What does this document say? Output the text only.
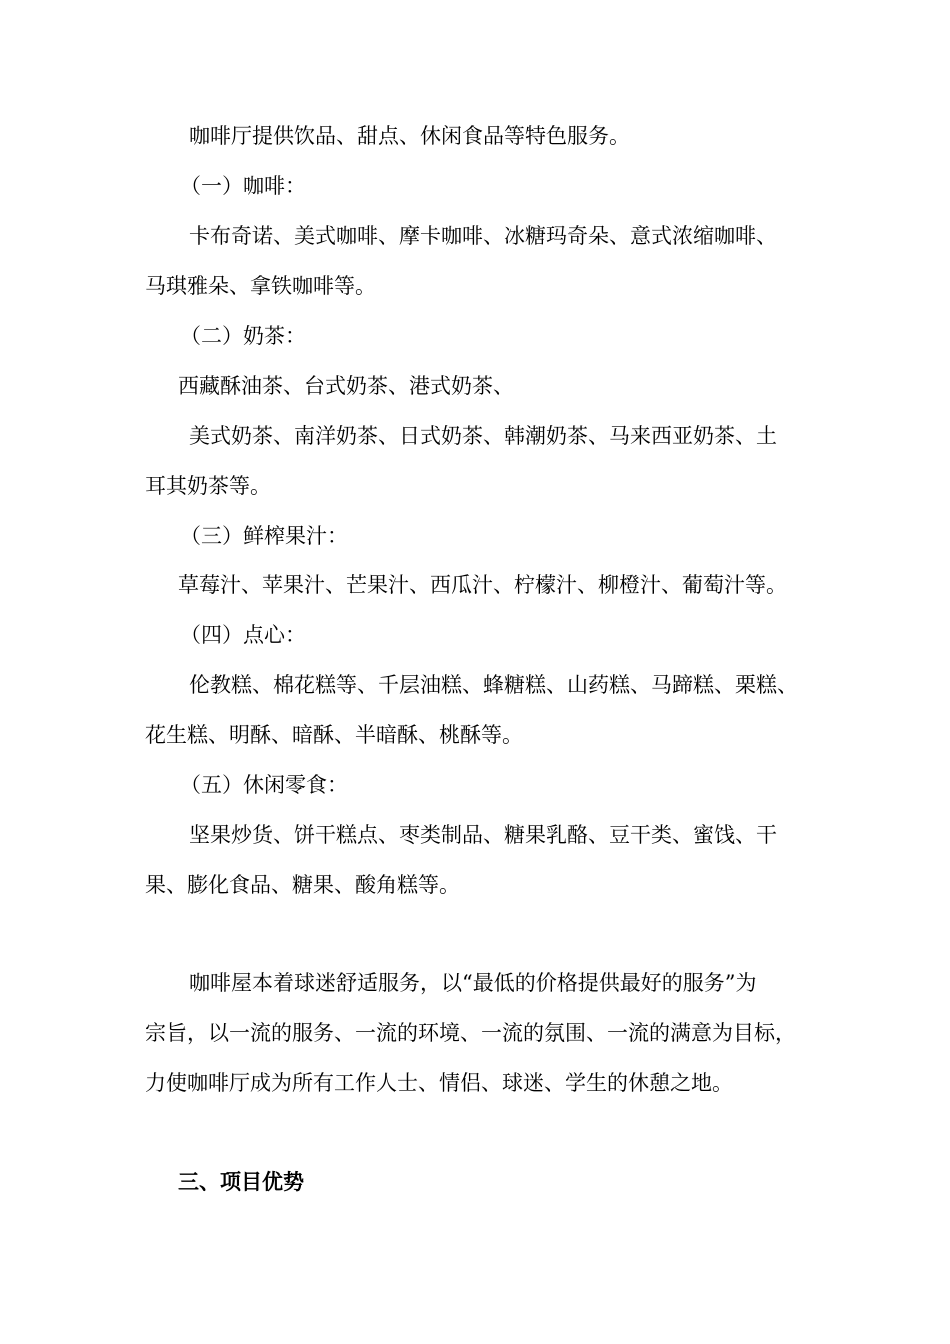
咖啡厅提供饮品、甜点、休闲食品等特色服务。
（一）咖啡：
卡布奇诺、美式咖啡、摩卡咖啡、冰糖玛奇朵、意式浓缩咖啡、
马琪雅朵、拿铁咖啡等。
（二）奶茶：
西藏酥油茶、台式奶茶、港式奶茶、
美式奶茶、南洋奶茶、日式奶茶、韩潮奶茶、马来西亚奶茶、土
耳其奶茶等。
（三）鲜榨果汁：
草莓汁、苹果汁、芒果汁、西瓜汁、柠檬汁、柳橙汁、葡萄汁等。
（四）点心：
伦教糕、棉花糕等、千层油糕、蜂糖糕、山药糕、马蹄糕、栗糕、
花生糕、明酥、暗酥、半暗酥、桃酥等。
（五）休闲零食：
坚果炒货、饼干糕点、枣类制品、糖果乳酪、豆干类、蜜饯、干
果、膨化食品、糖果、酸角糕等。
咖啡屋本着球迷舒适服务，以“最低的价格提供最好的服务”为
宗旨，以一流的服务、一流的环境、一流的氛围、一流的满意为目标，
力使咖啡厅成为所有工作人士、情侣、球迷、学生的休憩之地。
三、项目优势
